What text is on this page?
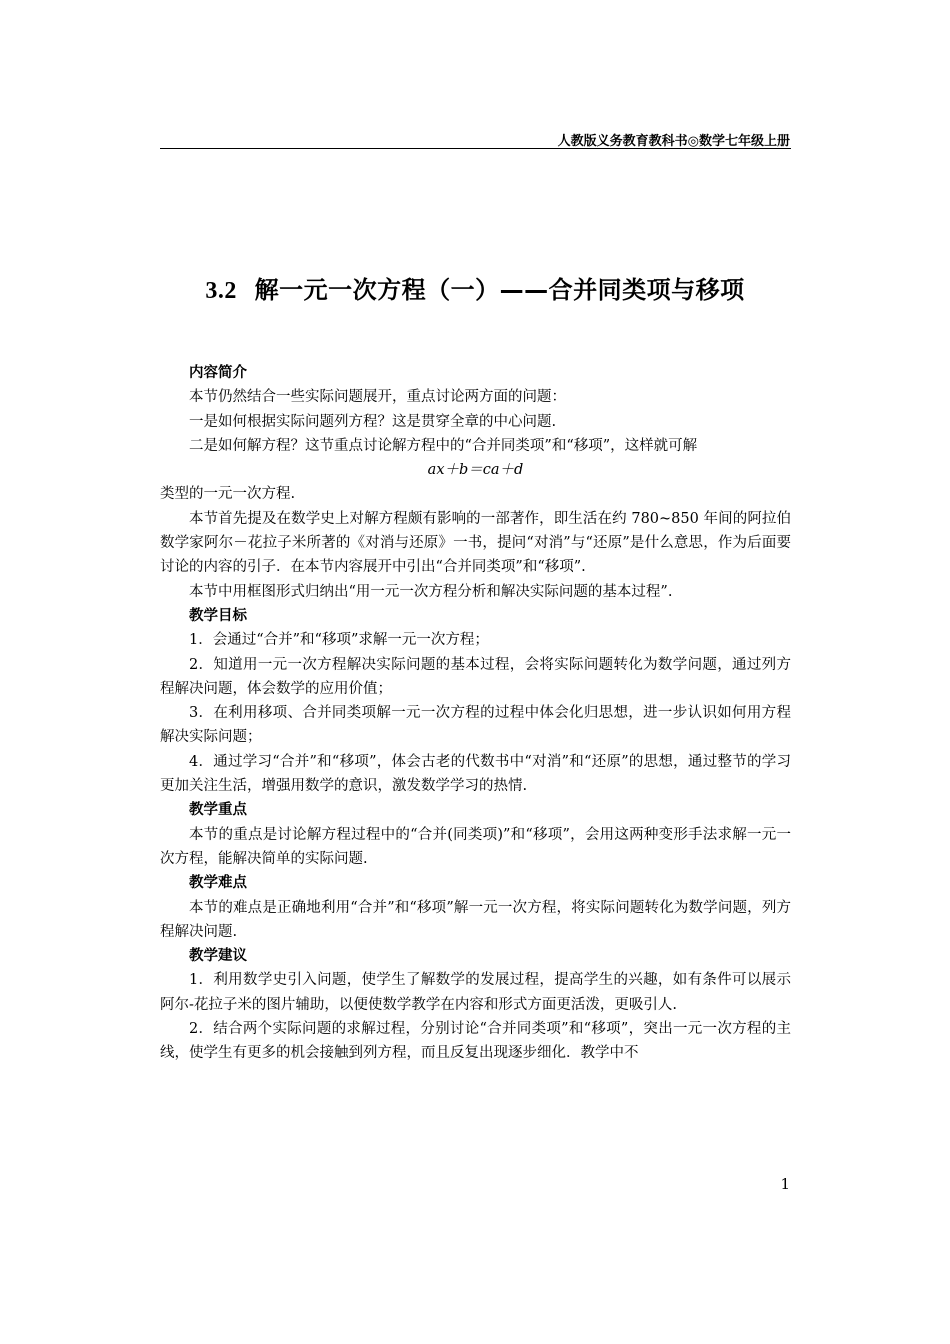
人教版义务教育教科书◎数学七年级上册
3.2 解一元一次方程（一）——合并同类项与移项

内容简介

本节仍然结合一些实际问题展开，重点讨论两方面的问题：

一是如何根据实际问题列方程？这是贯穿全章的中心问题.

二是如何解方程？这节重点讨论解方程中的“合并同类项”和“移项”，这样就可解

ax＋b＝ca＋d

类型的一元一次方程.

本节首先提及在数学史上对解方程颇有影响的一部著作，即生活在约 780~850 年间的阿拉伯数学家阿尔－花拉子米所著的《对消与还原》一书，提问“对消”与“还原”是什么意思，作为后面要讨论的内容的引子．在本节内容展开中引出“合并同类项”和“移项”.

本节中用框图形式归纳出“用一元一次方程分析和解决实际问题的基本过程”.

教学目标

1．会通过“合并”和“移项”求解一元一次方程；

2．知道用一元一次方程解决实际问题的基本过程，会将实际问题转化为数学问题，通过列方程解决问题，体会数学的应用价值；

3．在利用移项、合并同类项解一元一次方程的过程中体会化归思想，进一步认识如何用方程解决实际问题；

4．通过学习“合并”和“移项”，体会古老的代数书中“对消”和“还原”的思想，通过整节的学习更加关注生活，增强用数学的意识，激发数学学习的热情.

教学重点

本节的重点是讨论解方程过程中的“合并(同类项)”和“移项”，会用这两种变形手法求解一元一次方程，能解决简单的实际问题.

教学难点

本节的难点是正确地利用“合并”和“移项”解一元一次方程，将实际问题转化为数学问题，列方程解决问题.

教学建议

1．利用数学史引入问题，使学生了解数学的发展过程，提高学生的兴趣，如有条件可以展示阿尔-花拉子米的图片辅助，以便使数学教学在内容和形式方面更活泼，更吸引人.

2．结合两个实际问题的求解过程，分别讨论“合并同类项”和“移项”，突出一元一次方程的主线，使学生有更多的机会接触到列方程，而且反复出现逐步细化．教学中不

1
